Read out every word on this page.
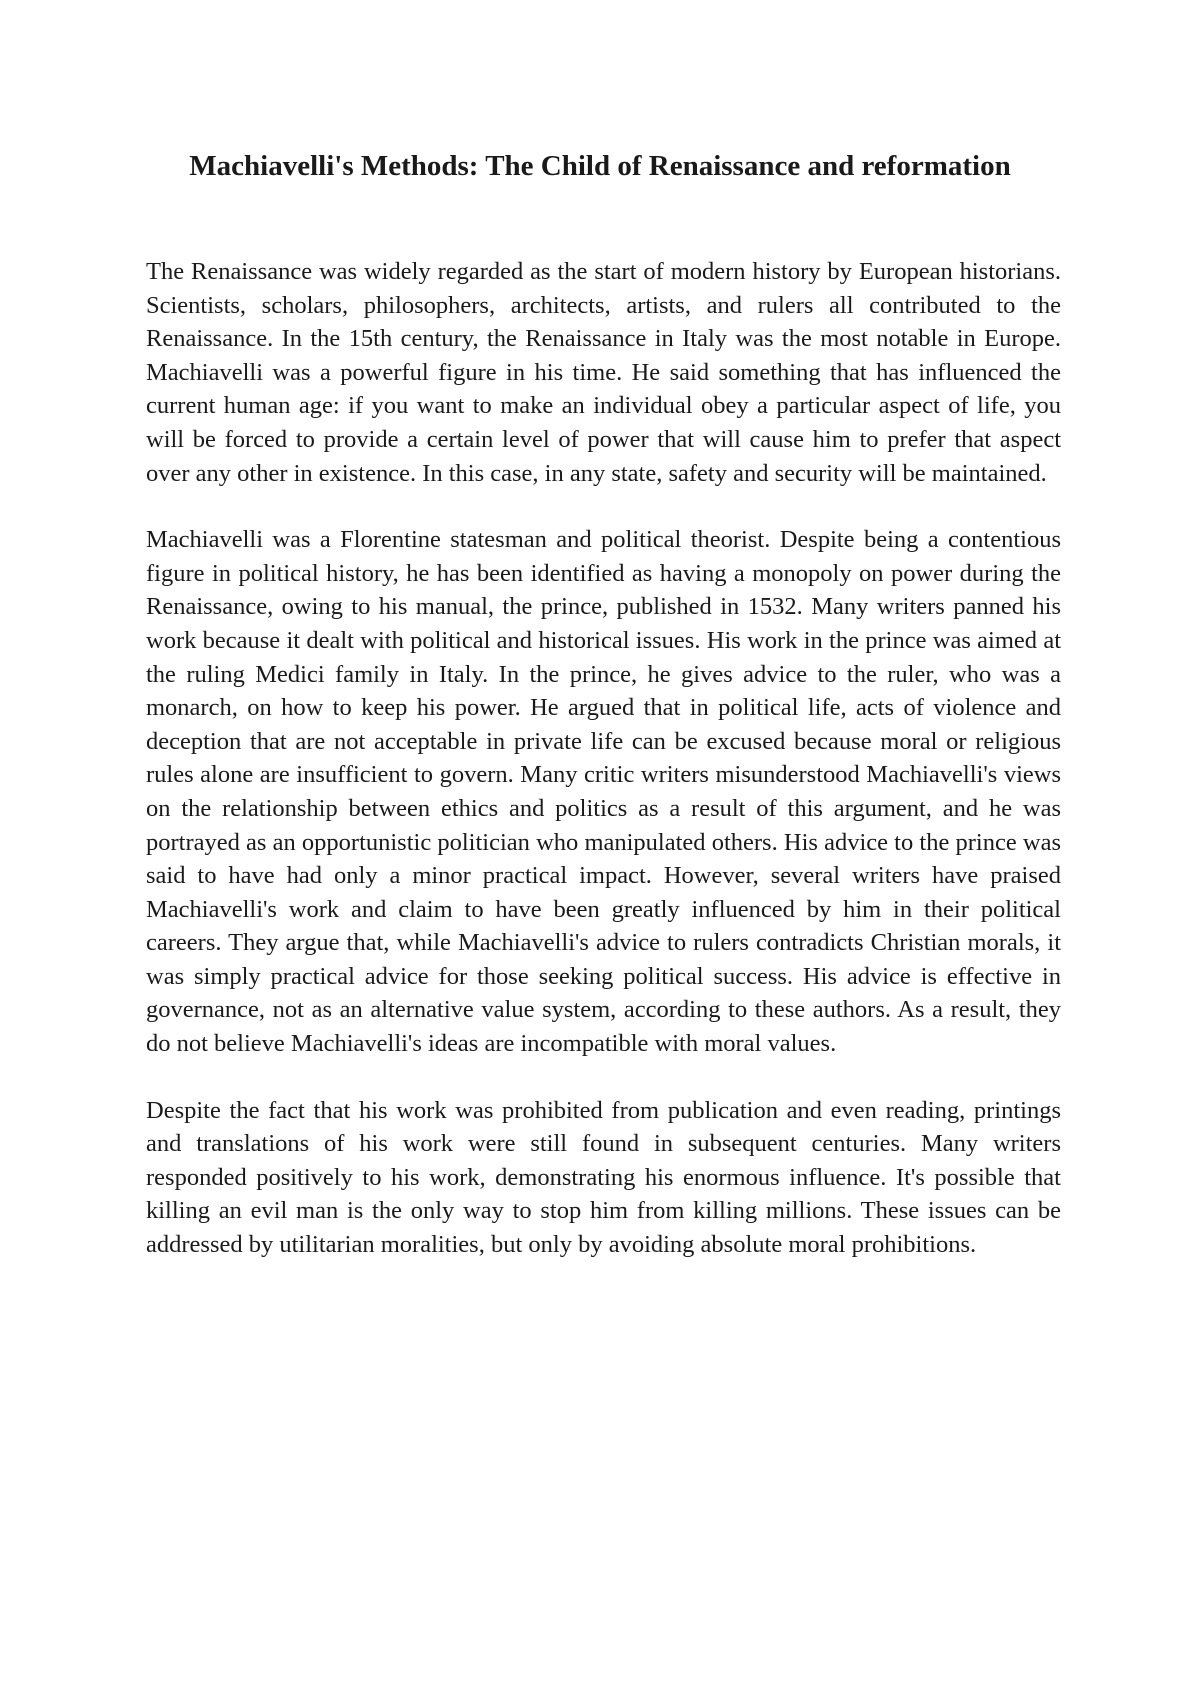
Machiavelli's Methods: The Child of Renaissance and reformation

The Renaissance was widely regarded as the start of modern history by European historians. Scientists, scholars, philosophers, architects, artists, and rulers all contributed to the Renaissance. In the 15th century, the Renaissance in Italy was the most notable in Europe. Machiavelli was a powerful figure in his time. He said something that has influenced the current human age: if you want to make an individual obey a particular aspect of life, you will be forced to provide a certain level of power that will cause him to prefer that aspect over any other in existence. In this case, in any state, safety and security will be maintained.

Machiavelli was a Florentine statesman and political theorist. Despite being a contentious figure in political history, he has been identified as having a monopoly on power during the Renaissance, owing to his manual, the prince, published in 1532. Many writers panned his work because it dealt with political and historical issues. His work in the prince was aimed at the ruling Medici family in Italy. In the prince, he gives advice to the ruler, who was a monarch, on how to keep his power. He argued that in political life, acts of violence and deception that are not acceptable in private life can be excused because moral or religious rules alone are insufficient to govern. Many critic writers misunderstood Machiavelli's views on the relationship between ethics and politics as a result of this argument, and he was portrayed as an opportunistic politician who manipulated others. His advice to the prince was said to have had only a minor practical impact. However, several writers have praised Machiavelli's work and claim to have been greatly influenced by him in their political careers. They argue that, while Machiavelli's advice to rulers contradicts Christian morals, it was simply practical advice for those seeking political success. His advice is effective in governance, not as an alternative value system, according to these authors. As a result, they do not believe Machiavelli's ideas are incompatible with moral values.

Despite the fact that his work was prohibited from publication and even reading, printings and translations of his work were still found in subsequent centuries. Many writers responded positively to his work, demonstrating his enormous influence. It's possible that killing an evil man is the only way to stop him from killing millions. These issues can be addressed by utilitarian moralities, but only by avoiding absolute moral prohibitions.
